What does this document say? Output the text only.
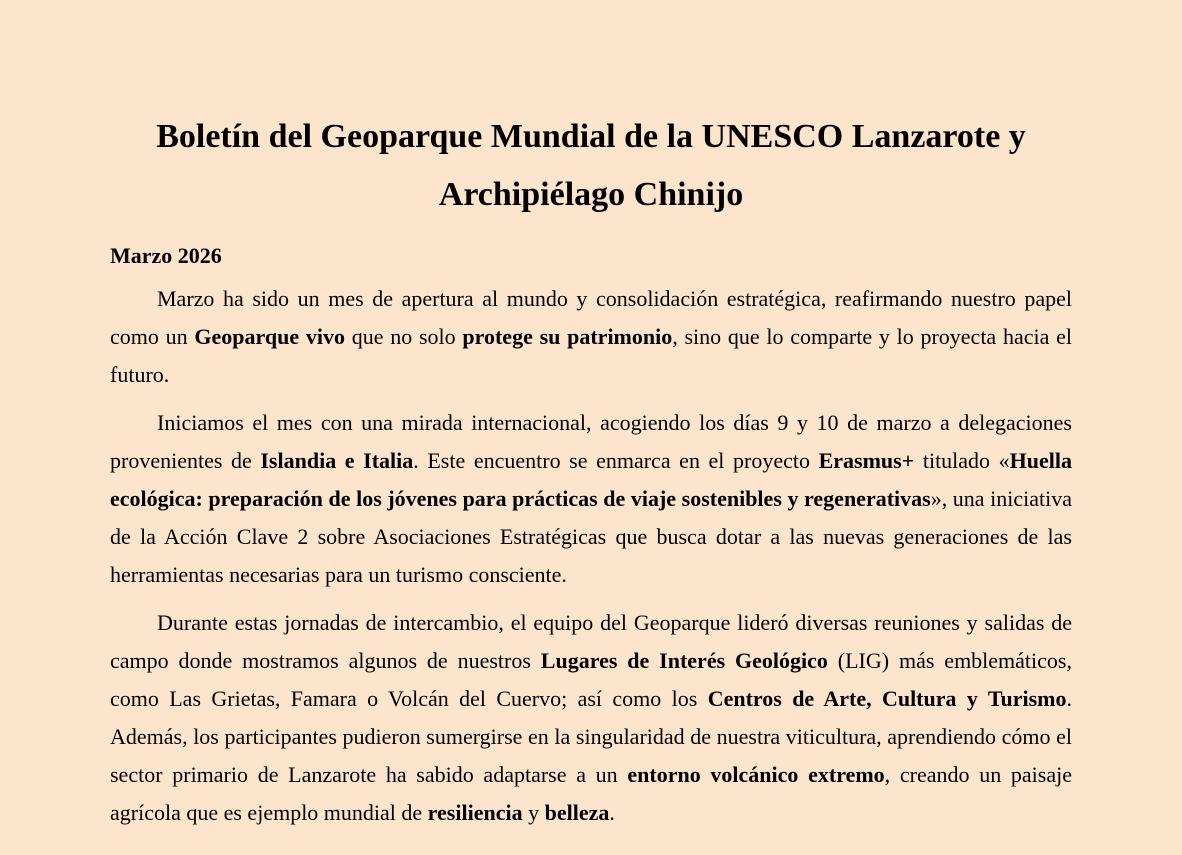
Boletín del Geoparque Mundial de la UNESCO Lanzarote y Archipiélago Chinijo
Marzo 2026

Marzo ha sido un mes de apertura al mundo y consolidación estratégica, reafirmando nuestro papel como un Geoparque vivo que no solo protege su patrimonio, sino que lo comparte y lo proyecta hacia el futuro.

Iniciamos el mes con una mirada internacional, acogiendo los días 9 y 10 de marzo a delegaciones provenientes de Islandia e Italia. Este encuentro se enmarca en el proyecto Erasmus+ titulado «Huella ecológica: preparación de los jóvenes para prácticas de viaje sostenibles y regenerativas», una iniciativa de la Acción Clave 2 sobre Asociaciones Estratégicas que busca dotar a las nuevas generaciones de las herramientas necesarias para un turismo consciente.

Durante estas jornadas de intercambio, el equipo del Geoparque lideró diversas reuniones y salidas de campo donde mostramos algunos de nuestros Lugares de Interés Geológico (LIG) más emblemáticos, como Las Grietas, Famara o Volcán del Cuervo; así como los Centros de Arte, Cultura y Turismo. Además, los participantes pudieron sumergirse en la singularidad de nuestra viticultura, aprendiendo cómo el sector primario de Lanzarote ha sabido adaptarse a un entorno volcánico extremo, creando un paisaje agrícola que es ejemplo mundial de resiliencia y belleza.
